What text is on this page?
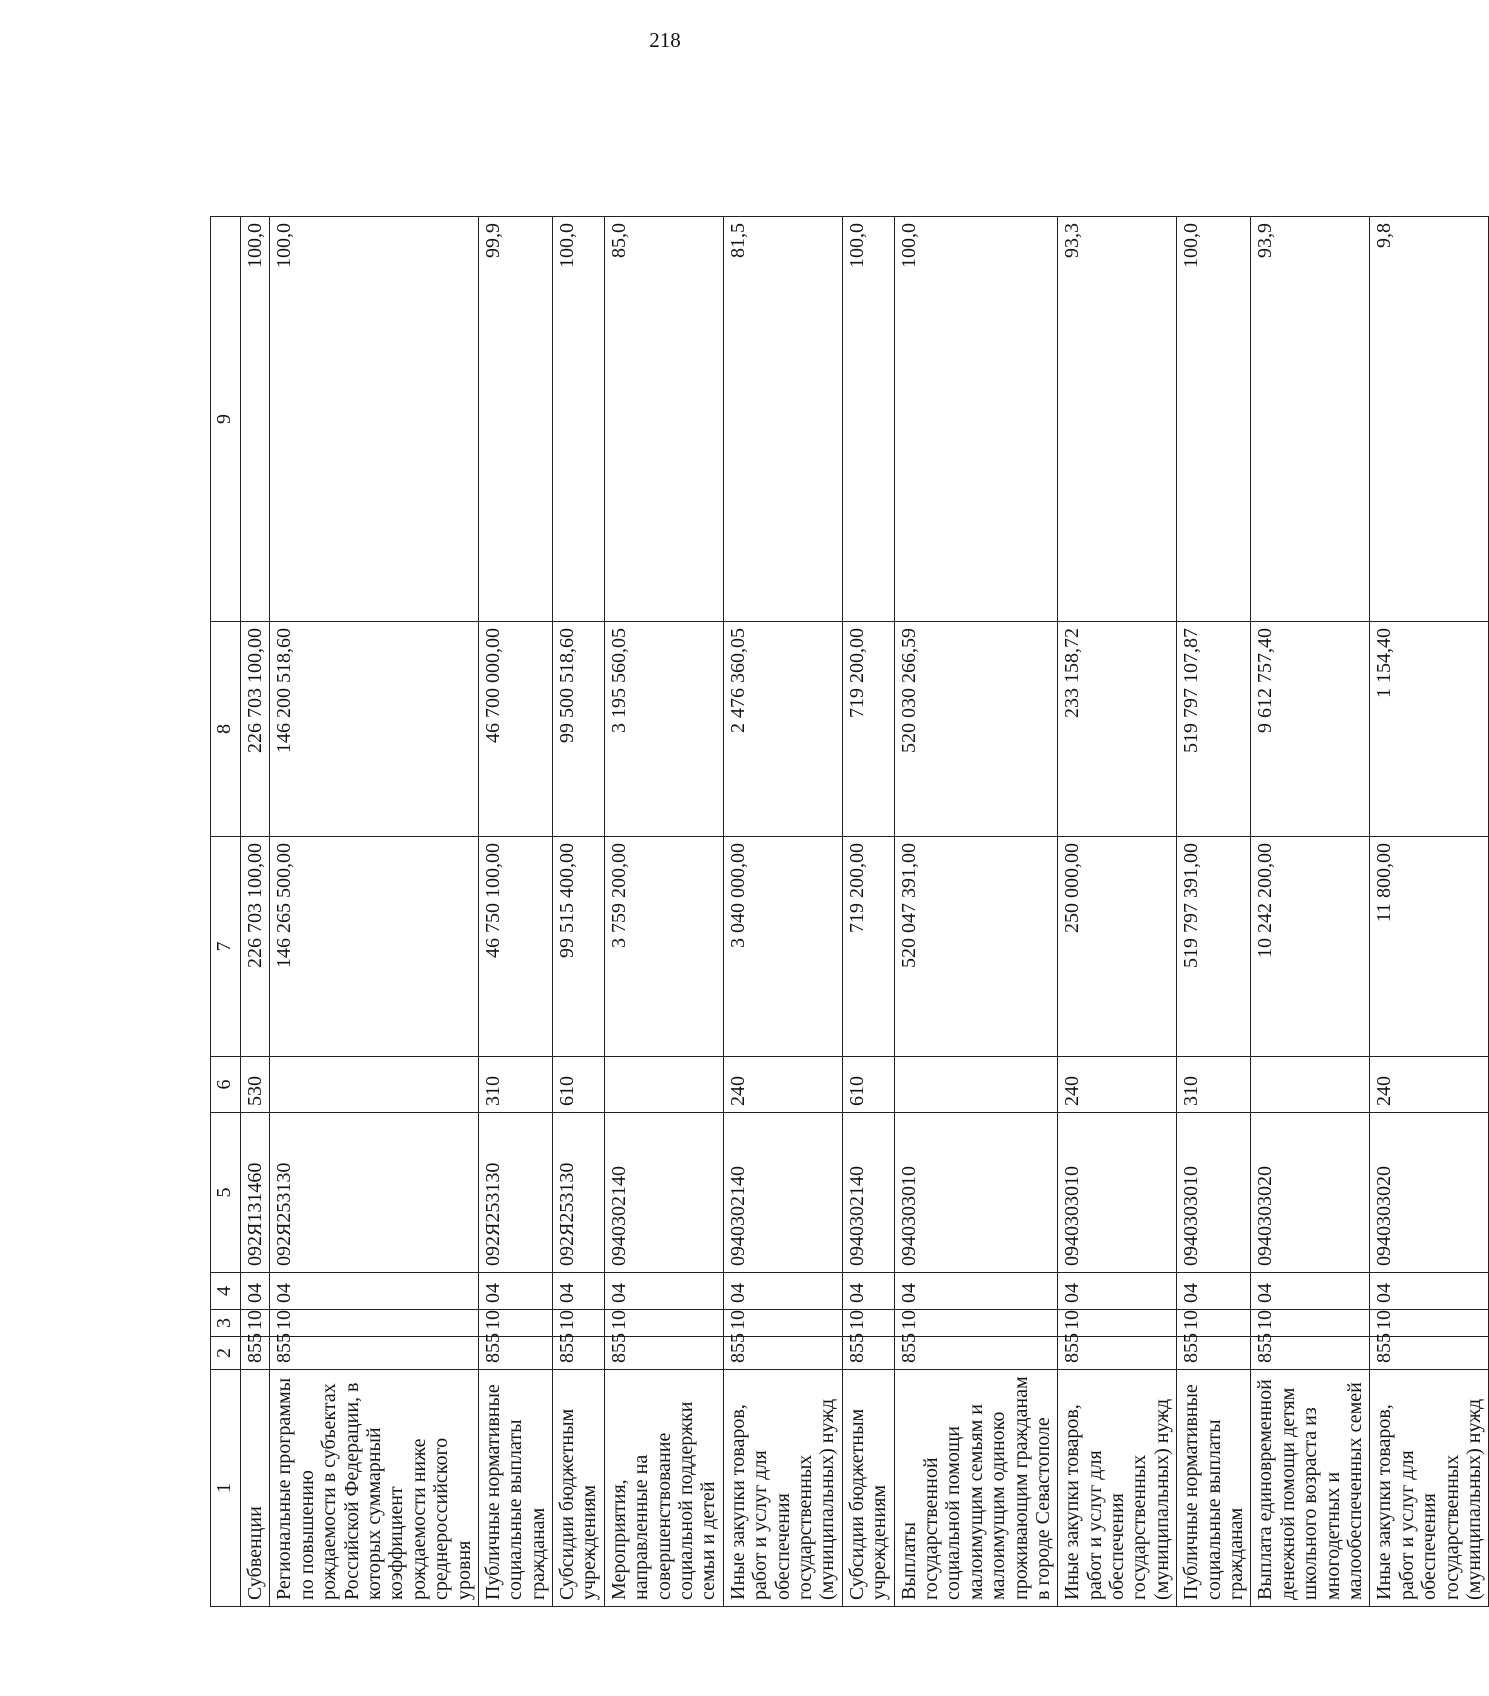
218
1	2	3	4	5	6	7	8	9
Субвенции	855	10	04	092Я131460	530	226 703 100,00	226 703 100,00	100,0
Региональные программы по повышению рождаемости в субъектах Российской Федерации, в которых суммарный коэффициент рождаемости ниже среднероссийского уровня	855	10	04	092Я253130		146 265 500,00	146 200 518,60	100,0
Публичные нормативные социальные выплаты гражданам	855	10	04	092Я253130	310	46 750 100,00	46 700 000,00	99,9
Субсидии бюджетным учреждениям	855	10	04	092Я253130	610	99 515 400,00	99 500 518,60	100,0
Мероприятия, направленные на совершенствование социальной поддержки семьи и детей	855	10	04	0940302140		3 759 200,00	3 195 560,05	85,0
Иные закупки товаров, работ и услуг для обеспечения государственных (муниципальных) нужд	855	10	04	0940302140	240	3 040 000,00	2 476 360,05	81,5
Субсидии бюджетным учреждениям	855	10	04	0940302140	610	719 200,00	719 200,00	100,0
Выплаты государственной социальной помощи малоимущим семьям и малоимущим одиноко проживающим гражданам в городе Севастополе	855	10	04	0940303010		520 047 391,00	520 030 266,59	100,0
Иные закупки товаров, работ и услуг для обеспечения государственных (муниципальных) нужд	855	10	04	0940303010	240	250 000,00	233 158,72	93,3
Публичные нормативные социальные выплаты гражданам	855	10	04	0940303010	310	519 797 391,00	519 797 107,87	100,0
Выплата единовременной денежной помощи детям школьного возраста из многодетных и малообеспеченных семей	855	10	04	0940303020		10 242 200,00	9 612 757,40	93,9
Иные закупки товаров, работ и услуг для обеспечения государственных (муниципальных) нужд	855	10	04	0940303020	240	11 800,00	1 154,40	9,8
